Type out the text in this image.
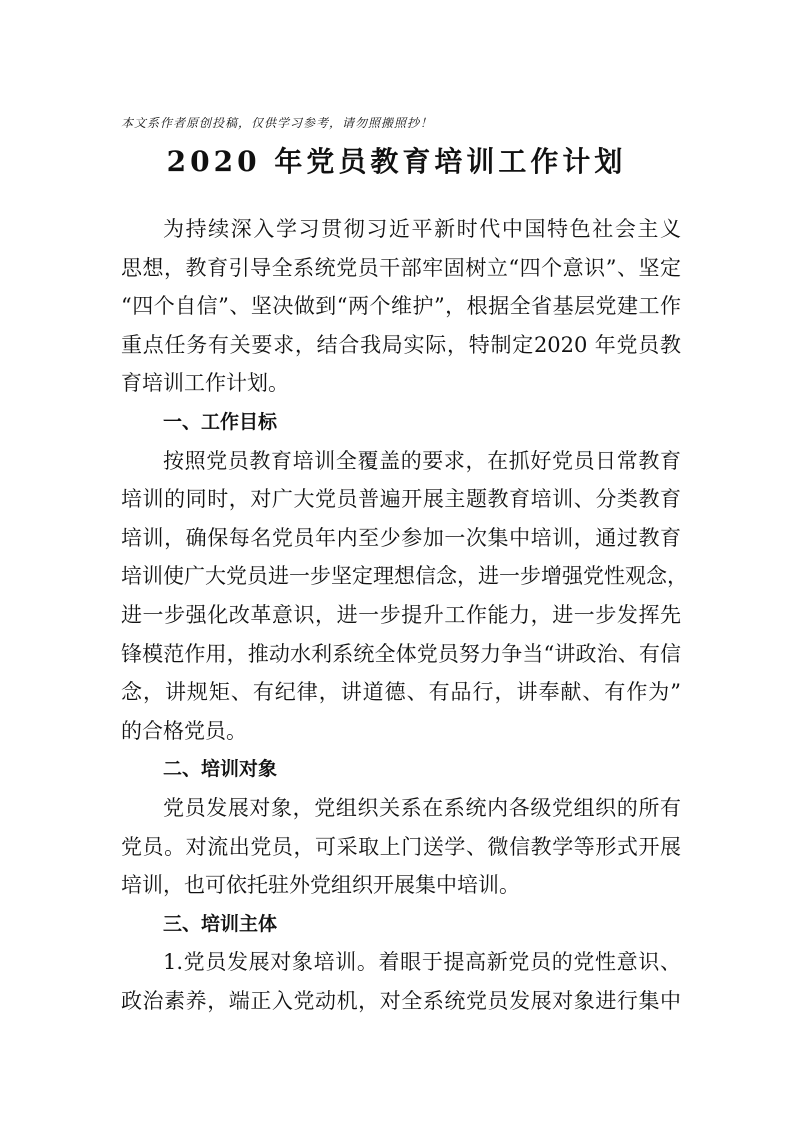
本文系作者原创投稿，仅供学习参考，请勿照搬照抄！
2020 年党员教育培训工作计划
为持续深入学习贯彻习近平新时代中国特色社会主义
思想，教育引导全系统党员干部牢固树立“四个意识”、坚定
“四个自信”、坚决做到“两个维护”，根据全省基层党建工作
重点任务有关要求，结合我局实际，特制定2020 年党员教
育培训工作计划。
一、工作目标
按照党员教育培训全覆盖的要求，在抓好党员日常教育
培训的同时，对广大党员普遍开展主题教育培训、分类教育
培训，确保每名党员年内至少参加一次集中培训，通过教育
培训使广大党员进一步坚定理想信念，进一步增强党性观念，
进一步强化改革意识，进一步提升工作能力，进一步发挥先
锋模范作用，推动水利系统全体党员努力争当“讲政治、有信
念，讲规矩、有纪律，讲道德、有品行，讲奉献、有作为”
的合格党员。
二、培训对象
党员发展对象，党组织关系在系统内各级党组织的所有
党员。对流出党员，可采取上门送学、微信教学等形式开展
培训，也可依托驻外党组织开展集中培训。
三、培训主体
1.党员发展对象培训。着眼于提高新党员的党性意识、
政治素养，端正入党动机，对全系统党员发展对象进行集中
